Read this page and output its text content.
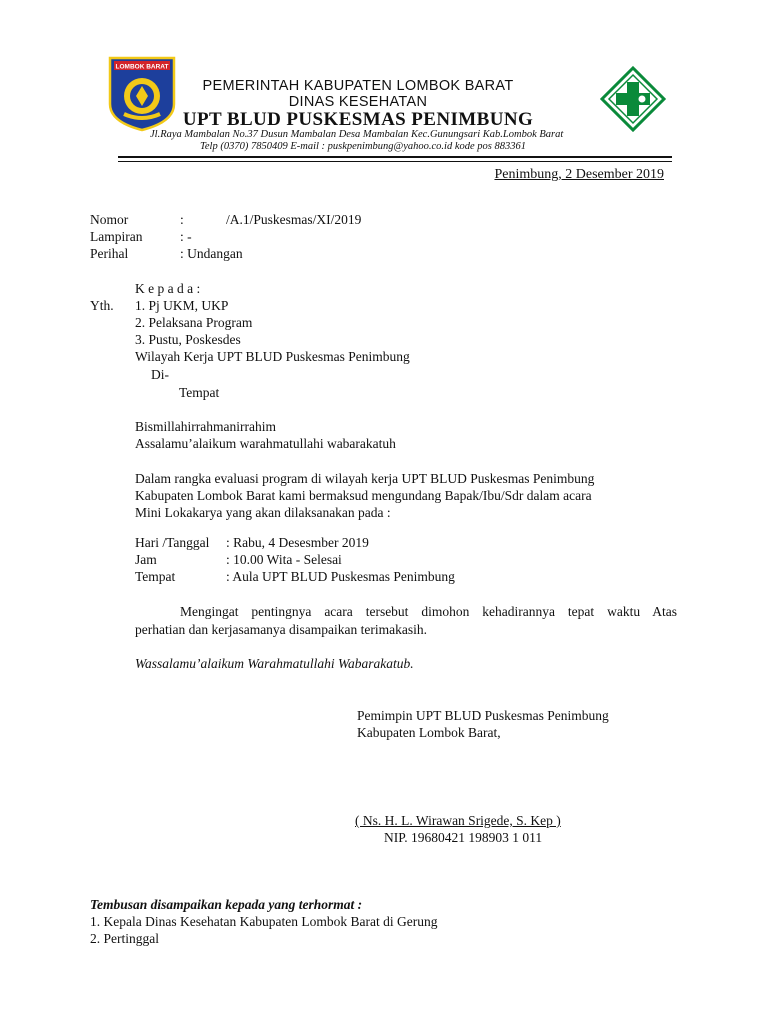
LOMBOK BARAT
PEMERINTAH KABUPATEN LOMBOK BARAT
DINAS KESEHATAN
UPT BLUD PUSKESMAS PENIMBUNG
Jl.Raya Mambalan No.37 Dusun Mambalan Desa Mambalan Kec.Gunungsari Kab.Lombok Barat
Telp (0370) 7850409 E-mail : puskpenimbung@yahoo.co.id kode pos 883361
Penimbung, 2 Desember 2019
Nomor	:	/A.1/Puskesmas/XI/2019
Lampiran	: -
Perihal	: Undangan
K e p a d a :
Yth. 1. Pj UKM, UKP
2. Pelaksana Program
3. Pustu, Poskesdes
Wilayah Kerja UPT BLUD Puskesmas Penimbung
Di-
Tempat
Bismillahirrahmanirrahim
Assalamu’alaikum warahmatullahi wabarakatuh
Dalam rangka evaluasi program di wilayah kerja UPT BLUD Puskesmas Penimbung
Kabupaten Lombok Barat kami bermaksud mengundang Bapak/Ibu/Sdr dalam acara
Mini Lokakarya yang akan dilaksanakan pada :
Hari /Tanggal : Rabu, 4 Desesmber 2019
Jam	: 10.00 Wita - Selesai
Tempat	: Aula UPT BLUD Puskesmas Penimbung
Mengingat pentingnya acara tersebut dimohon kehadirannya tepat waktu Atas
perhatian dan kerjasamanya disampaikan terimakasih.
Wassalamu’alaikum Warahmatullahi Wabarakatub.
Pemimpin UPT BLUD Puskesmas Penimbung
Kabupaten Lombok Barat,
( Ns. H. L. Wirawan Srigede, S. Kep )
NIP. 19680421 198903 1 011
Tembusan disampaikan kepada yang terhormat :
1. Kepala Dinas Kesehatan Kabupaten Lombok Barat di Gerung
2. Pertinggal
